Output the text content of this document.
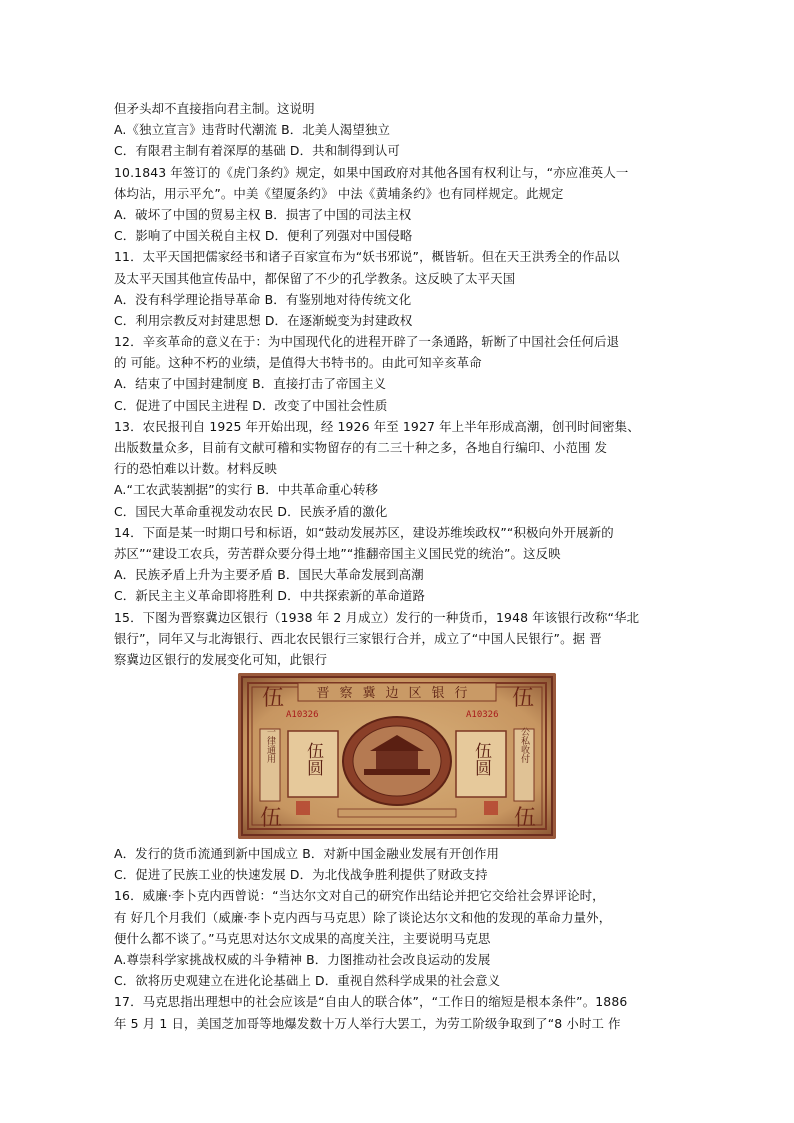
但矛头却不直接指向君主制。这说明
A.《独立宣言》违背时代潮流 B．北美人渴望独立
C．有限君主制有着深厚的基础 D．共和制得到认可
10.1843 年签订的《虎门条约》规定，如果中国政府对其他各国有权利让与，“亦应准英人一
体均沾，用示平允”。中美《望厦条约》 中法《黄埔条约》也有同样规定。此规定
A．破坏了中国的贸易主权 B．损害了中国的司法主权
C．影响了中国关税自主权 D．便利了列强对中国侵略
11．太平天国把儒家经书和诸子百家宣布为“妖书邪说”，概皆斩。但在天王洪秀全的作品以
及太平天国其他宣传品中，都保留了不少的孔学教条。这反映了太平天国
A．没有科学理论指导革命 B．有鉴别地对待传统文化
C．利用宗教反对封建思想 D．在逐渐蜕变为封建政权
12．辛亥革命的意义在于：为中国现代化的进程开辟了一条通路，斩断了中国社会任何后退
的 可能。这种不朽的业绩，是值得大书特书的。由此可知辛亥革命
A．结束了中国封建制度 B．直接打击了帝国主义
C．促进了中国民主进程 D．改变了中国社会性质
13．农民报刊自 1925 年开始出现，经 1926 年至 1927 年上半年形成高潮，创刊时间密集、
出版数量众多，目前有文献可稽和实物留存的有二三十种之多，各地自行编印、小范围 发
行的恐怕难以计数。材料反映
A.“工农武装割据”的实行 B．中共革命重心转移
C．国民大革命重视发动农民 D．民族矛盾的激化
14．下面是某一时期口号和标语，如“鼓动发展苏区，建设苏维埃政权”“积极向外开展新的
苏区”“建设工农兵，劳苦群众要分得土地”“推翻帝国主义国民党的统治”。这反映
A．民族矛盾上升为主要矛盾 B．国民大革命发展到高潮
C．新民主主义革命即将胜利 D．中共探索新的革命道路
15．下图为晋察冀边区银行（1938 年 2 月成立）发行的一种货币，1948 年该银行改称“华北
银行”，同年又与北海银行、西北农民银行三家银行合并，成立了“中国人民银行”。据 晋
察冀边区银行的发展变化可知，此银行
晋察冀边区银行
伍	伍
伍	伍
A10326	A10326
一律通用	公私收付
伍圆	伍圆
A．发行的货币流通到新中国成立 B．对新中国金融业发展有开创作用
C．促进了民族工业的快速发展 D．为北伐战争胜利提供了财政支持
16．威廉·李卜克内西曾说：“当达尔文对自己的研究作出结论并把它交给社会界评论时，
有 好几个月我们（威廉·李卜克内西与马克思）除了谈论达尔文和他的发现的革命力量外，
便什么都不谈了。”马克思对达尔文成果的高度关注，主要说明马克思
A.尊崇科学家挑战权威的斗争精神 B．力图推动社会改良运动的发展
C．欲将历史观建立在进化论基础上 D．重视自然科学成果的社会意义
17．马克思指出理想中的社会应该是“自由人的联合体”，“工作日的缩短是根本条件”。1886
年 5 月 1 日，美国芝加哥等地爆发数十万人举行大罢工，为劳工阶级争取到了“8 小时工 作
